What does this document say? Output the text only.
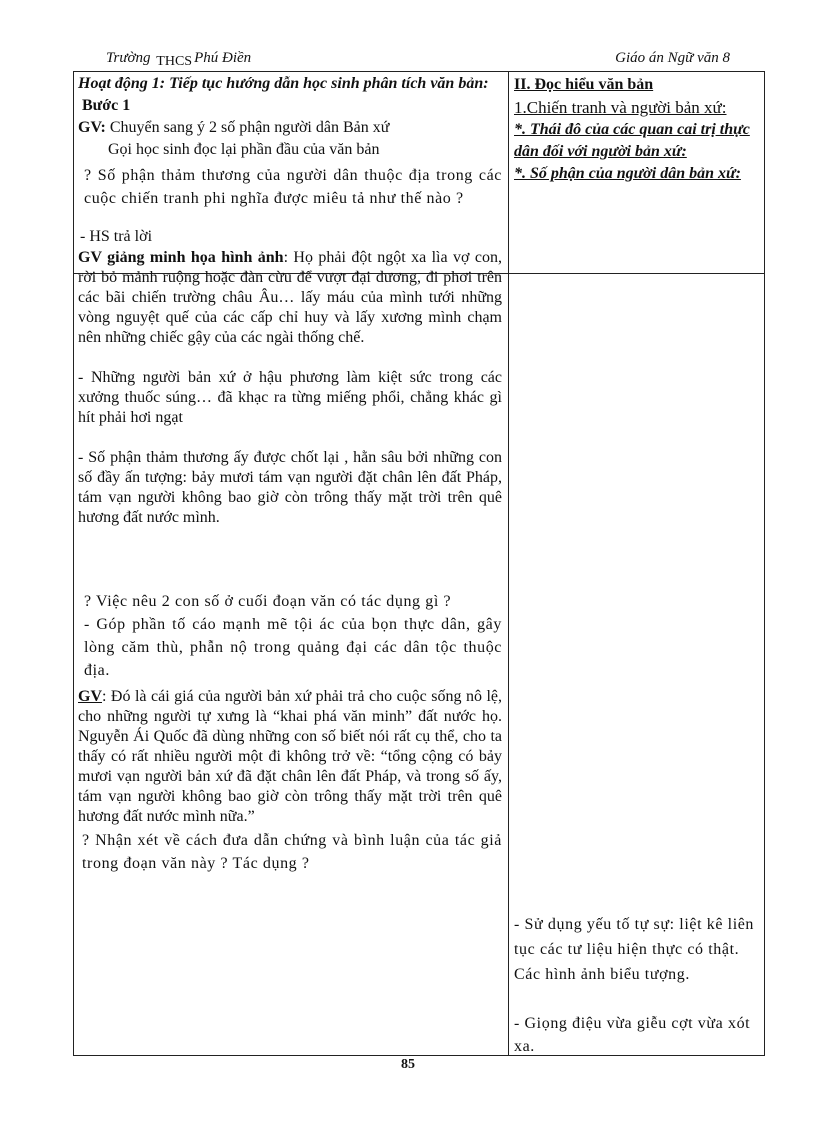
Trường THCS Phú Điền	Giáo án Ngữ văn 8

Hoạt động 1: Tiếp tục hướng dẫn học sinh phân tích văn bản:

Bước 1

GV: Chuyển sang ý 2 số phận người dân Bản xứ

Gọi học sinh đọc lại phần đầu của văn bản

? Số phận thảm thương của người dân thuộc địa trong các cuộc chiến tranh phi nghĩa được miêu tả như thế nào ?

- HS trả lời

GV giảng minh họa hình ảnh: Họ phải đột ngột xa lìa vợ con, rời bỏ mảnh ruộng hoặc đàn cừu để vượt đại dương, đi phơi trên các bãi chiến trường châu Âu… lấy máu của mình tưới những vòng nguyệt quế của các cấp chỉ huy và lấy xương mình chạm nên những chiếc gậy của các ngài thống chế.

- Những người bản xứ ở hậu phương làm kiệt sức trong các xưởng thuốc súng… đã khạc ra từng miếng phổi, chẳng khác gì hít phải hơi ngạt

- Số phận thảm thương ấy được chốt lại , hằn sâu bởi những con số đầy ấn tượng: bảy mươi tám vạn người đặt chân lên đất Pháp, tám vạn người không bao giờ còn trông thấy mặt trời trên quê hương đất nước mình.

? Việc nêu 2 con số ở cuối đoạn văn có tác dụng gì ?

- Góp phần tố cáo mạnh mẽ tội ác của bọn thực dân, gây lòng căm thù, phẫn nộ trong quảng đại các dân tộc thuộc địa.

GV: Đó là cái giá của người bản xứ phải trả cho cuộc sống nô lệ, cho những người tự xưng là “khai phá văn minh” đất nước họ. Nguyễn Ái Quốc đã dùng những con số biết nói rất cụ thể, cho ta thấy có rất nhiều người một đi không trở về: “tổng cộng có bảy mươi vạn người bản xứ đã đặt chân lên đất Pháp, và trong số ấy, tám vạn người không bao giờ còn trông thấy mặt trời trên quê hương đất nước mình nữa.”

? Nhận xét về cách đưa dẫn chứng và bình luận của tác giả trong đoạn văn này ? Tác dụng ?

II. Đọc hiểu văn bản

1.Chiến tranh và người bản xứ:

*. Thái đô của các quan cai trị thực dân đối với người bản xứ:

*. Số phận của người dân bản xứ:

- Sử dụng yếu tố tự sự: liệt kê liên tục các tư liệu hiện thực có thật. Các hình ảnh biểu tượng.

- Giọng điệu vừa giễu cợt vừa xót xa.

85
